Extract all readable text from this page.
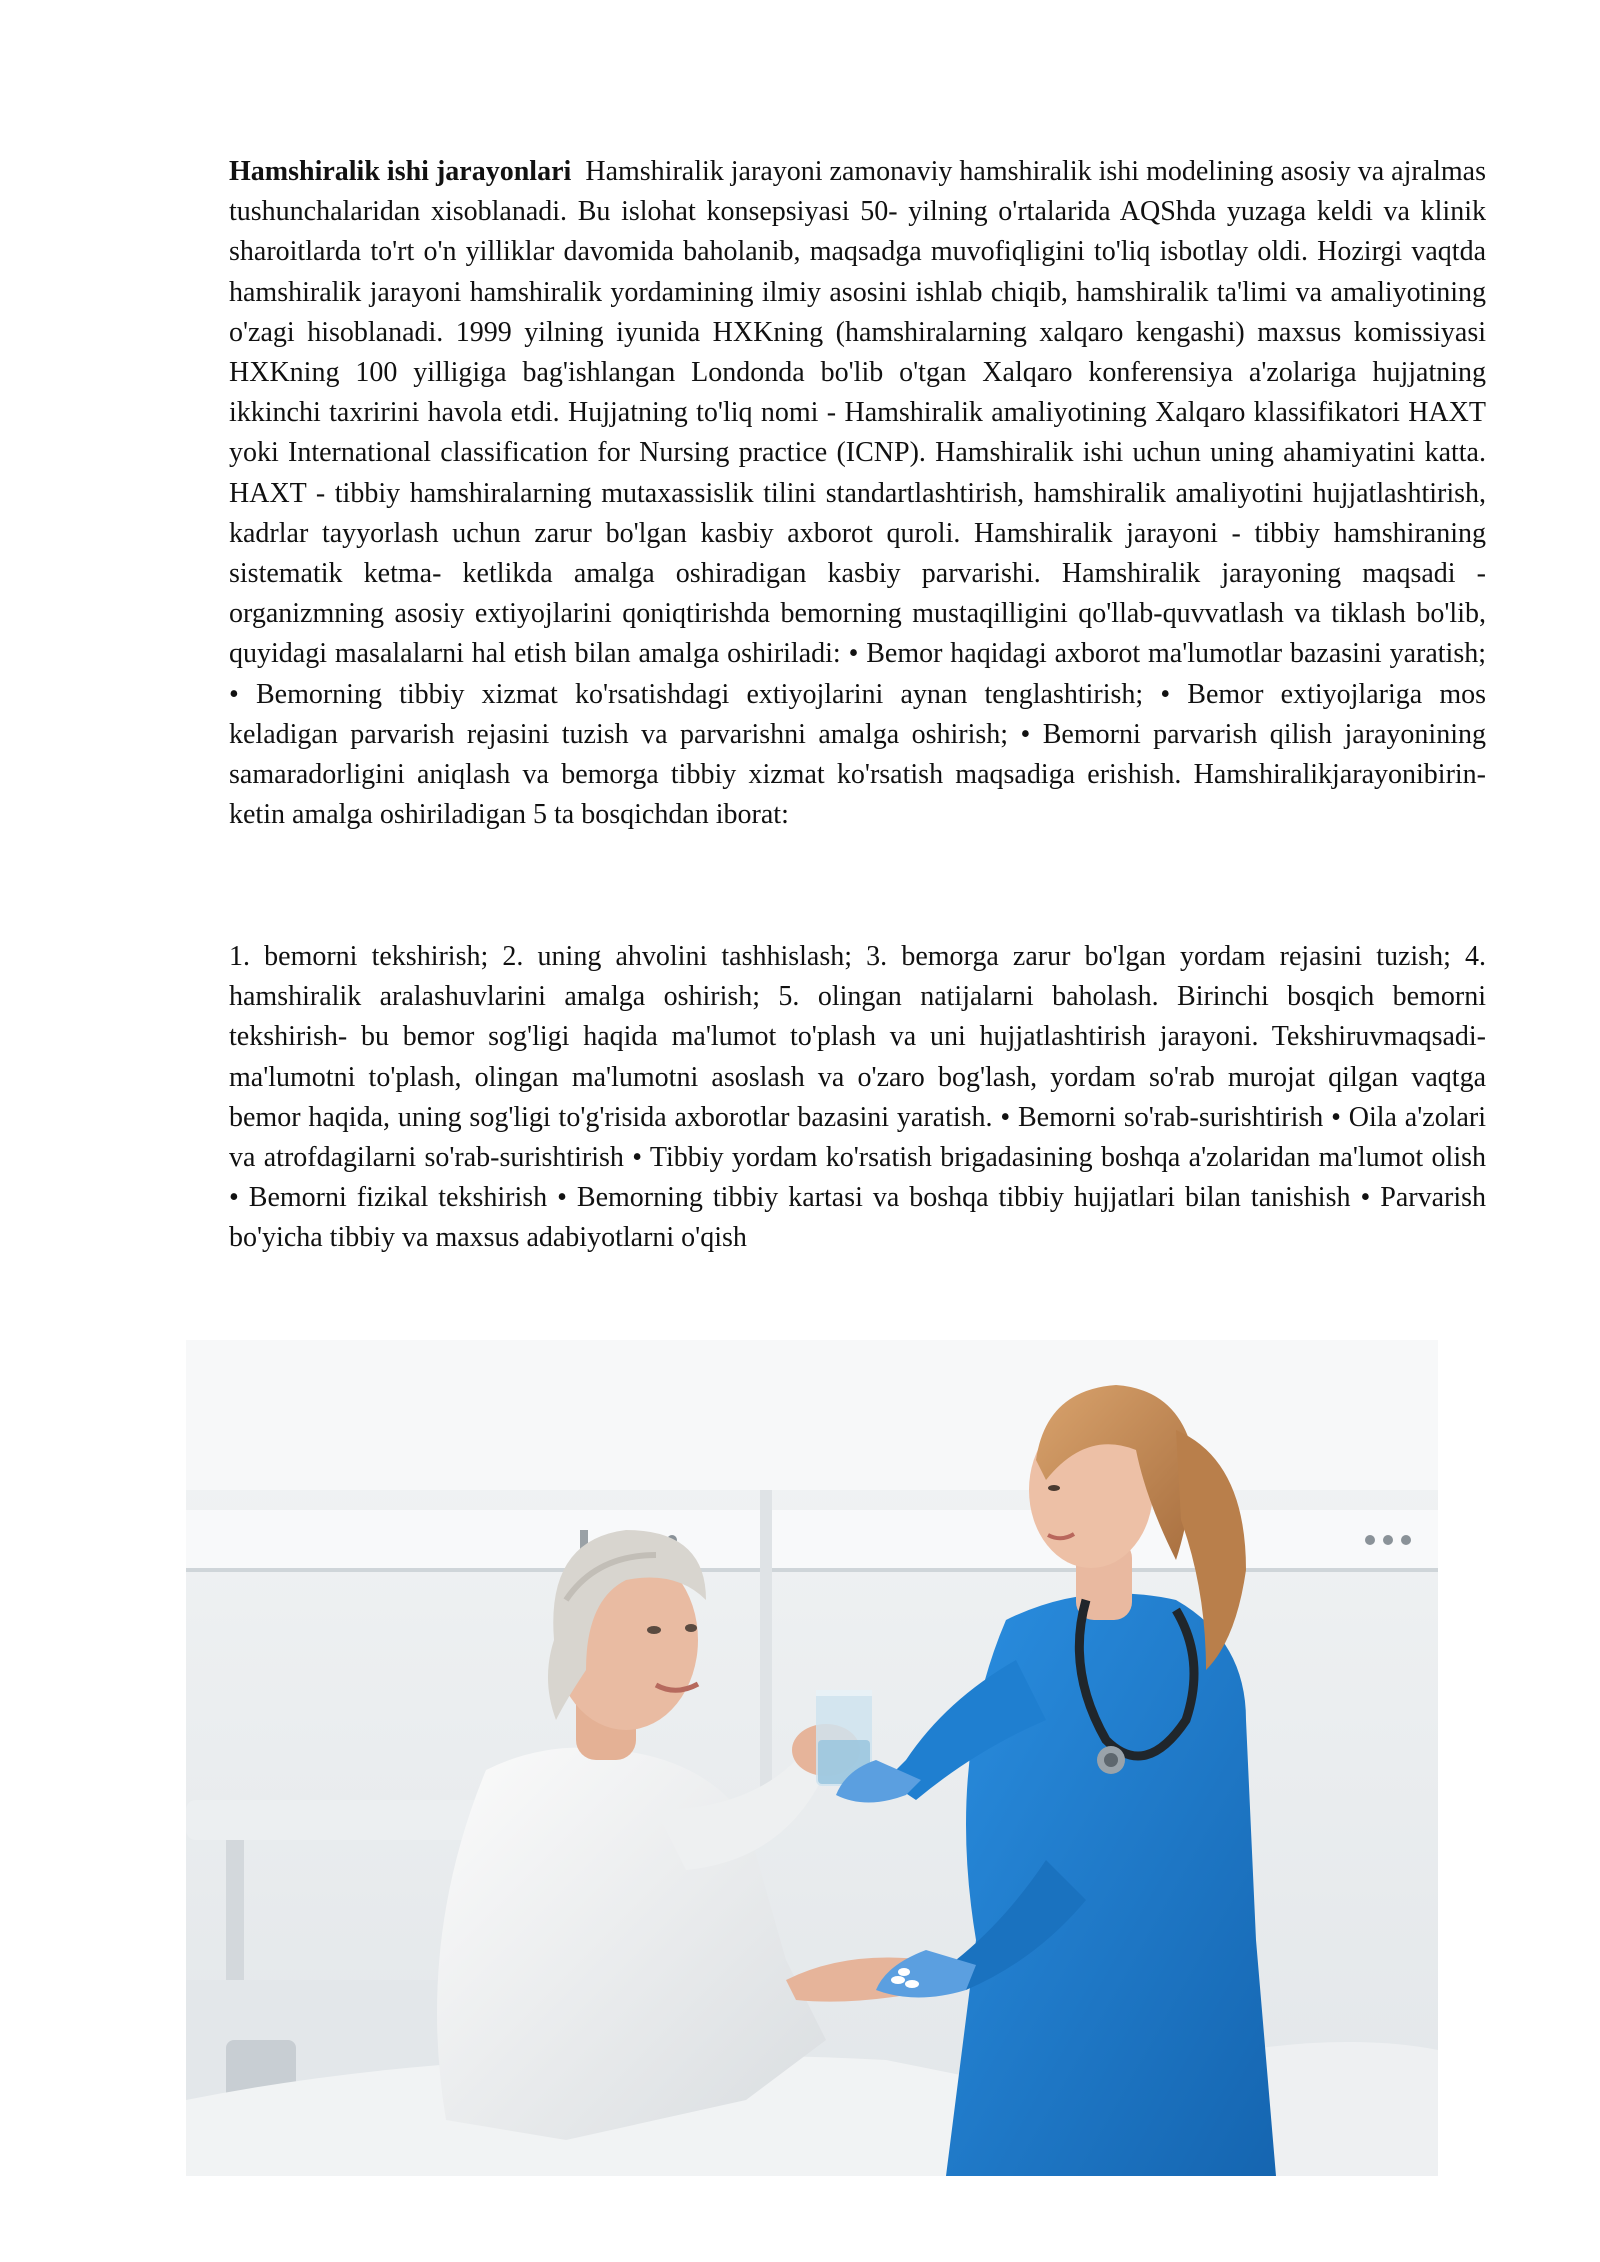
Hamshiralik ishi jarayonlari Hamshiralik jarayoni zamonaviy hamshiralik ishi modelining asosiy va ajralmas tushunchalaridan xisoblanadi. Bu islohat konsepsiyasi 50- yilning o'rtalarida AQShda yuzaga keldi va klinik sharoitlarda to'rt o'n yilliklar davomida baholanib, maqsadga muvofiqligini to'liq isbotlay oldi. Hozirgi vaqtda hamshiralik jarayoni hamshiralik yordamining ilmiy asosini ishlab chiqib, hamshiralik ta'limi va amaliyotining o'zagi hisoblanadi. 1999 yilning iyunida HXKning (hamshiralarning xalqaro kengashi) maxsus komissiyasi HXKning 100 yilligiga bag'ishlangan Londonda bo'lib o'tgan Xalqaro konferensiya a'zolariga hujjatning ikkinchi taxririni havola etdi. Hujjatning to'liq nomi - Hamshiralik amaliyotining Xalqaro klassifikatori HAXT yoki International classification for Nursing practice (ICNP). Hamshiralik ishi uchun uning ahamiyatini katta. HAXT - tibbiy hamshiralarning mutaxassislik tilini standartlashtirish, hamshiralik amaliyotini hujjatlashtirish, kadrlar tayyorlash uchun zarur bo'lgan kasbiy axborot quroli. Hamshiralik jarayoni - tibbiy hamshiraning sistematik ketma- ketlikda amalga oshiradigan kasbiy parvarishi. Hamshiralik jarayoning maqsadi - organizmning asosiy extiyojlarini qoniqtirishda bemorning mustaqilligini qo'llab-quvvatlash va tiklash bo'lib, quyidagi masalalarni hal etish bilan amalga oshiriladi: • Bemor haqidagi axborot ma'lumotlar bazasini yaratish; • Bemorning tibbiy xizmat ko'rsatishdagi extiyojlarini aynan tenglashtirish; • Bemor extiyojlariga mos keladigan parvarish rejasini tuzish va parvarishni amalga oshirish; • Bemorni parvarish qilish jarayonining samaradorligini aniqlash va bemorga tibbiy xizmat ko'rsatish maqsadiga erishish. Hamshiralikjarayonibirin-ketin amalga oshiriladigan 5 ta bosqichdan iborat:

1. bemorni tekshirish; 2. uning ahvolini tashhislash; 3. bemorga zarur bo'lgan yordam rejasini tuzish; 4. hamshiralik aralashuvlarini amalga oshirish; 5. olingan natijalarni baholash. Birinchi bosqich bemorni tekshirish- bu bemor sog'ligi haqida ma'lumot to'plash va uni hujjatlashtirish jarayoni. Tekshiruvmaqsadi- ma'lumotni to'plash, olingan ma'lumotni asoslash va o'zaro bog'lash, yordam so'rab murojat qilgan vaqtga bemor haqida, uning sog'ligi to'g'risida axborotlar bazasini yaratish. • Bemorni so'rab-surishtirish • Oila a'zolari va atrofdagilarni so'rab-surishtirish • Tibbiy yordam ko'rsatish brigadasining boshqa a'zolaridan ma'lumot olish • Bemorni fizikal tekshirish • Bemorning tibbiy kartasi va boshqa tibbiy hujjatlari bilan tanishish • Parvarish bo'yicha tibbiy va maxsus adabiyotlarni o'qish
